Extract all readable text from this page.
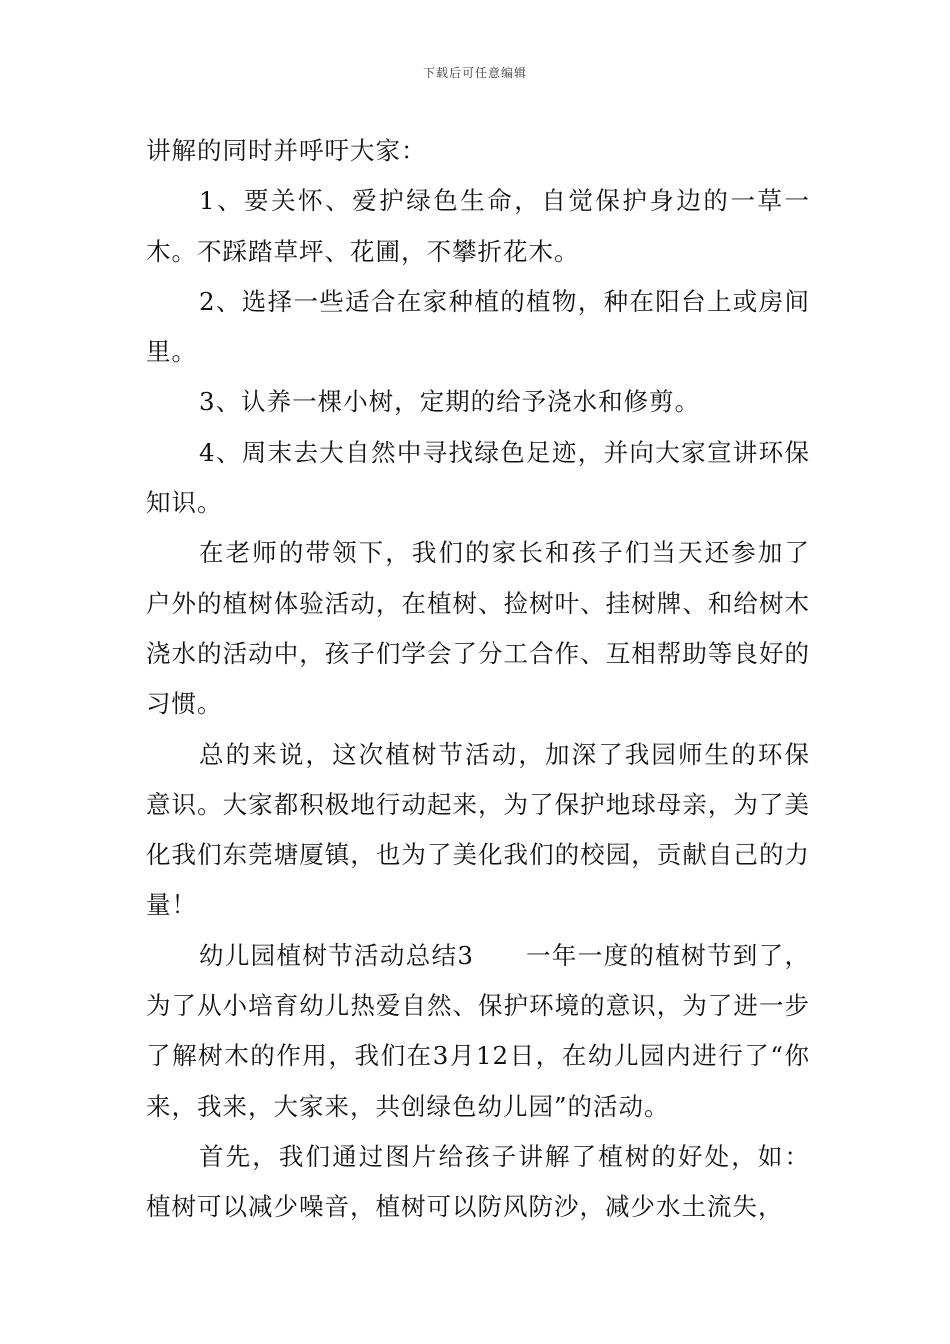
下载后可任意编辑

讲解的同时并呼吁大家：

1、要关怀、爱护绿色生命，自觉保护身边的一草一木。不踩踏草坪、花圃，不攀折花木。

2、选择一些适合在家种植的植物，种在阳台上或房间里。

3、认养一棵小树，定期的给予浇水和修剪。

4、周末去大自然中寻找绿色足迹，并向大家宣讲环保知识。

在老师的带领下，我们的家长和孩子们当天还参加了户外的植树体验活动，在植树、捡树叶、挂树牌、和给树木浇水的活动中，孩子们学会了分工合作、互相帮助等良好的习惯。

总的来说，这次植树节活动，加深了我园师生的环保意识。大家都积极地行动起来，为了保护地球母亲，为了美化我们东莞塘厦镇，也为了美化我们的校园，贡献自己的力量！

幼儿园植树节活动总结3　　一年一度的植树节到了，为了从小培育幼儿热爱自然、保护环境的意识，为了进一步了解树木的作用，我们在3月12日，在幼儿园内进行了“你来，我来，大家来，共创绿色幼儿园”的活动。

首先，我们通过图片给孩子讲解了植树的好处，如：植树可以减少噪音，植树可以防风防沙，减少水土流失，
